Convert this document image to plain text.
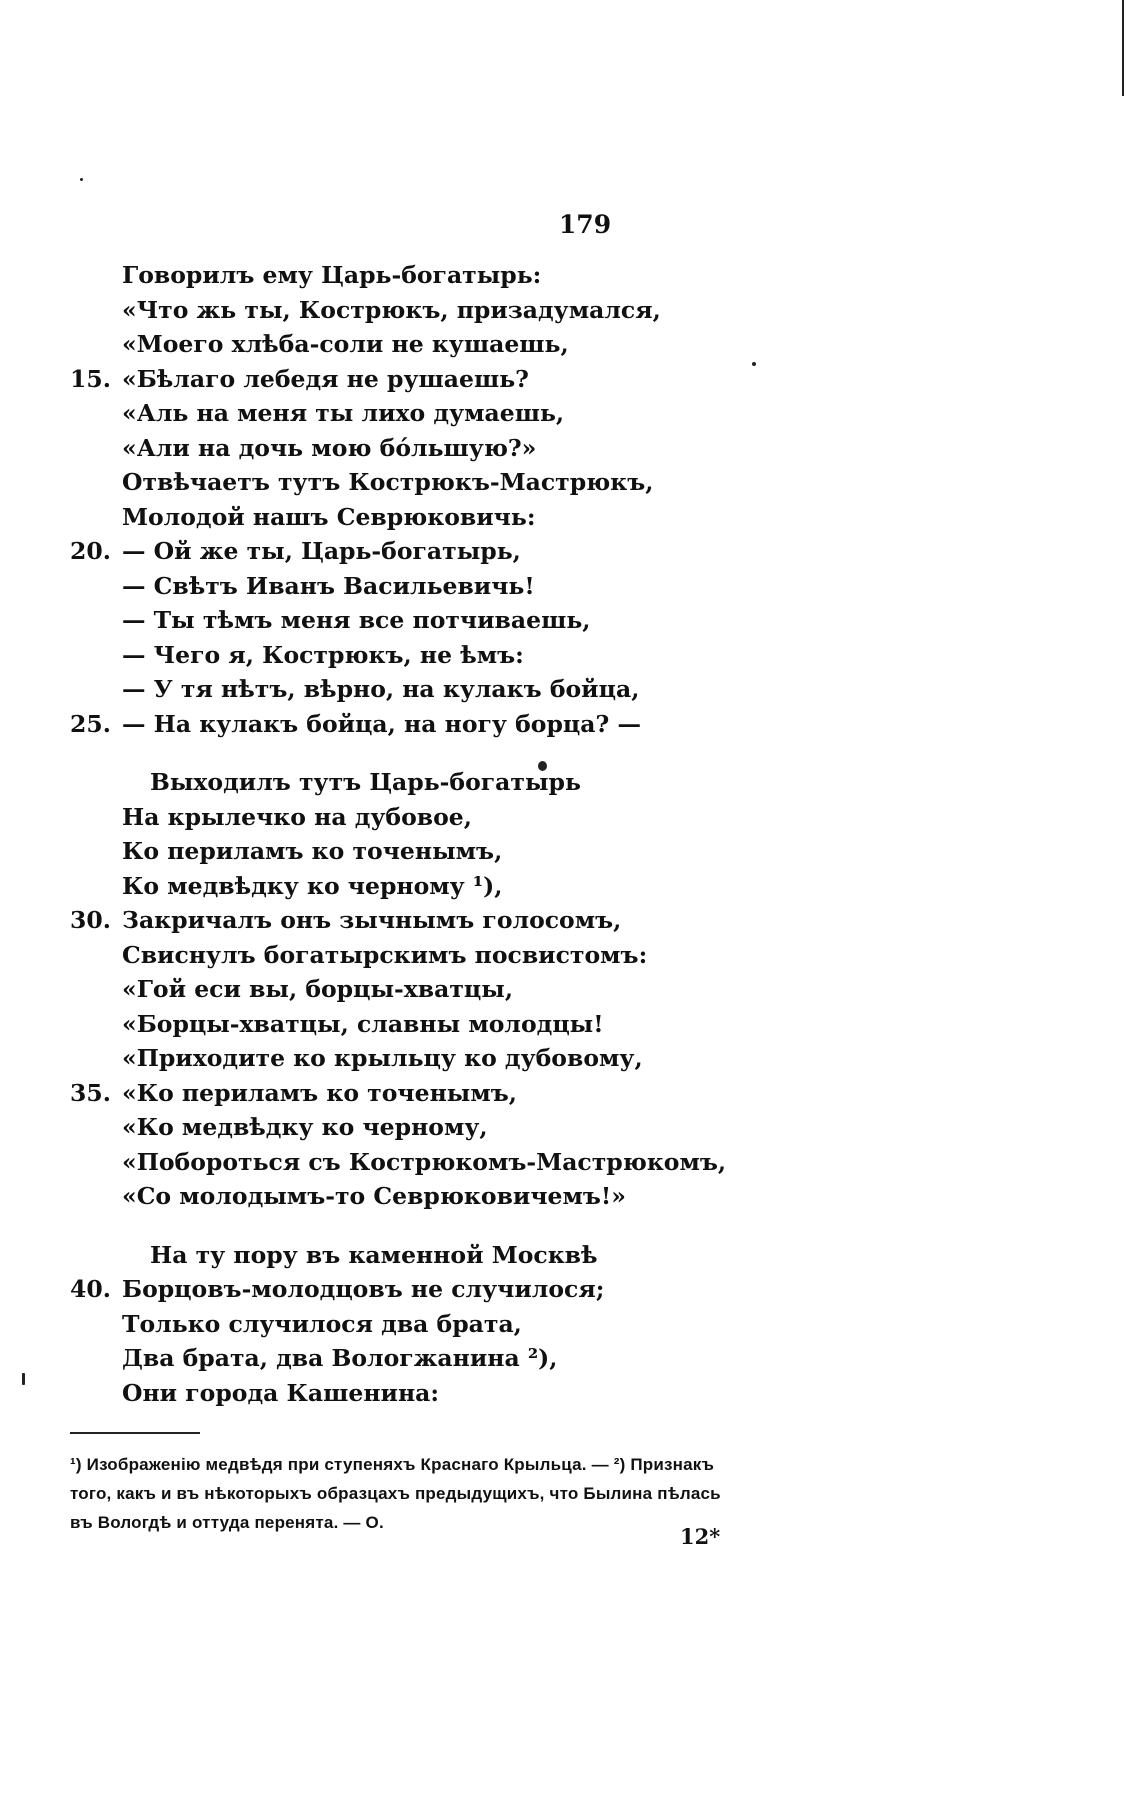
179
Говорилъ ему Царь-богатырь:
«Что жь ты, Кострюкъ, призадумался,
«Моего хлѣба-соли не кушаешь,
15. «Бѣлаго лебедя не рушаешь?
«Аль на меня ты лихо думаешь,
«Али на дочь мою бо́льшую?»
Отвѣчаетъ тутъ Кострюкъ-Мастрюкъ,
Молодой нашъ Севрюковичь:
20. — Ой же ты, Царь-богатырь,
— Свѣтъ Иванъ Васильевичь!
— Ты тѣмъ меня все потчиваешь,
— Чего я, Кострюкъ, не ѣмъ:
— У тя нѣтъ, вѣрно, на кулакъ бойца,
25. — На кулакъ бойца, на ногу борца? —
Выходилъ тутъ Царь-богатырь
На крылечко на дубовое,
Ко периламъ ко точенымъ,
Ко медвѣдку ко черному ¹),
30. Закричалъ онъ зычнымъ голосомъ,
Свиснулъ богатырскимъ посвистомъ:
«Гой еси вы, борцы-хватцы,
«Борцы-хватцы, славны молодцы!
«Приходите ко крыльцу ко дубовому,
35. «Ко периламъ ко точенымъ,
«Ко медвѣдку ко черному,
«Побороться съ Кострюкомъ-Мастрюкомъ,
«Со молодымъ-то Севрюковичемъ!»
На ту пору въ каменной Москвѣ
40. Борцовъ-молодцовъ не случилося;
Только случилося два брата,
Два брата, два Вологжанина ²),
Они города Кашенина:
¹) Изображенію медвѣдя при ступеняхъ Краснаго Крыльца. — ²) Признакъ
того, какъ и въ нѣкоторыхъ образцахъ предыдущихъ, что Былина пѣлась
въ Вологдѣ и оттуда перенята. — О.
12*
